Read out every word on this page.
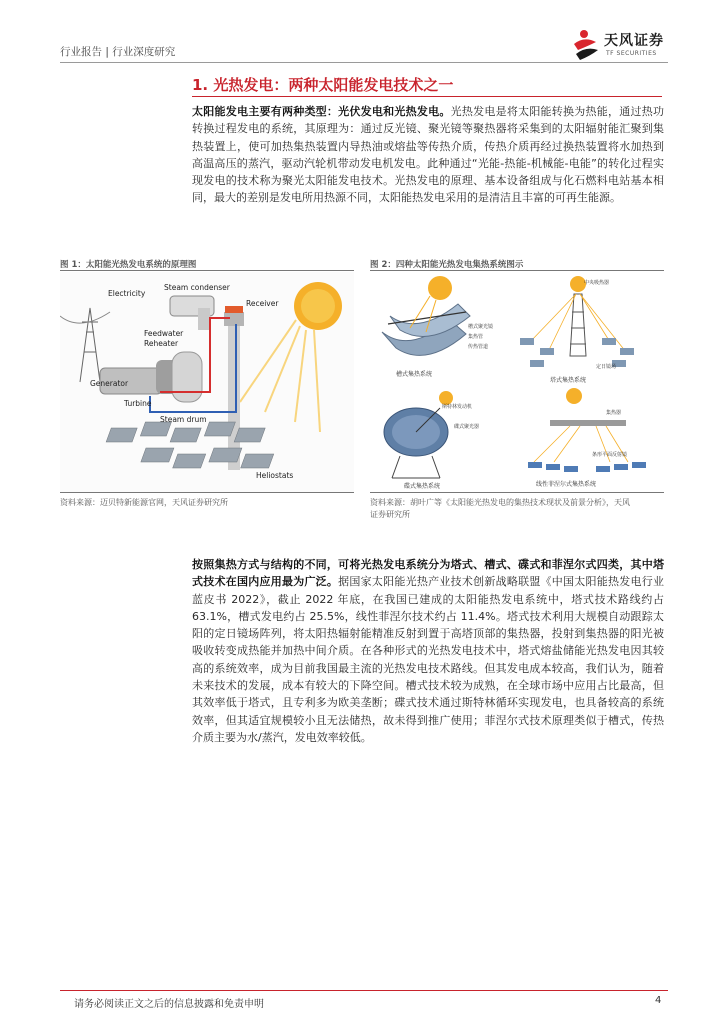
行业报告 | 行业深度研究
天风证券
TF SECURITIES
1. 光热发电：两种太阳能发电技术之一
太阳能发电主要有两种类型：光伏发电和光热发电。光热发电是将太阳能转换为热能，通过热功转换过程发电的系统，其原理为：通过反光镜、聚光镜等聚热器将采集到的太阳辐射能汇聚到集热装置上，使可加热集热装置内导热油或熔盐等传热介质，传热介质再经过换热装置将水加热到高温高压的蒸汽，驱动汽轮机带动发电机发电。此种通过“光能-热能-机械能-电能”的转化过程实现发电的技术称为聚光太阳能发电技术。光热发电的原理、基本设备组成与化石燃料电站基本相同，最大的差别是发电所用热源不同，太阳能热发电采用的是清洁且丰富的可再生能源。
图 1：太阳能光热发电系统的原理图
Electricity
Steam condenser
Receiver
Feedwater
Reheater
Generator
Turbine
Steam drum
Heliostats
资料来源：迈贝特新能源官网，天风证券研究所
图 2：四种太阳能光热发电集热系统图示
槽式聚光镜
集热管
传热管道
槽式集热系统
中央吸热器
定日镜场
塔式集热系统
斯特林发动机
碟式聚光器
碟式集热系统
集热器
条形平面反射镜
线性菲涅尔式集热系统
资料来源：胡叶广等《太阳能光热发电的集热技术现状及前景分析》，天风
证券研究所
按照集热方式与结构的不同，可将光热发电系统分为塔式、槽式、碟式和菲涅尔式四类，其中塔式技术在国内应用最为广泛。据国家太阳能光热产业技术创新战略联盟《中国太阳能热发电行业蓝皮书 2022》，截止 2022 年底，在我国已建成的太阳能热发电系统中，塔式技术路线约占 63.1%，槽式发电约占 25.5%，线性菲涅尔技术约占 11.4%。塔式技术利用大规模自动跟踪太阳的定日镜场阵列，将太阳热辐射能精准反射到置于高塔顶部的集热器，投射到集热器的阳光被吸收转变成热能并加热中间介质。在各种形式的光热发电技术中，塔式熔盐储能光热发电因其较高的系统效率，成为目前我国最主流的光热发电技术路线。但其发电成本较高，我们认为，随着未来技术的发展，成本有较大的下降空间。槽式技术较为成熟，在全球市场中应用占比最高，但其效率低于塔式，且专利多为欧美垄断；碟式技术通过斯特林循环实现发电，也具备较高的系统效率，但其适宜规模较小且无法储热，故未得到推广使用；菲涅尔式技术原理类似于槽式，传热介质主要为水/蒸汽，发电效率较低。
请务必阅读正文之后的信息披露和免责申明	4
